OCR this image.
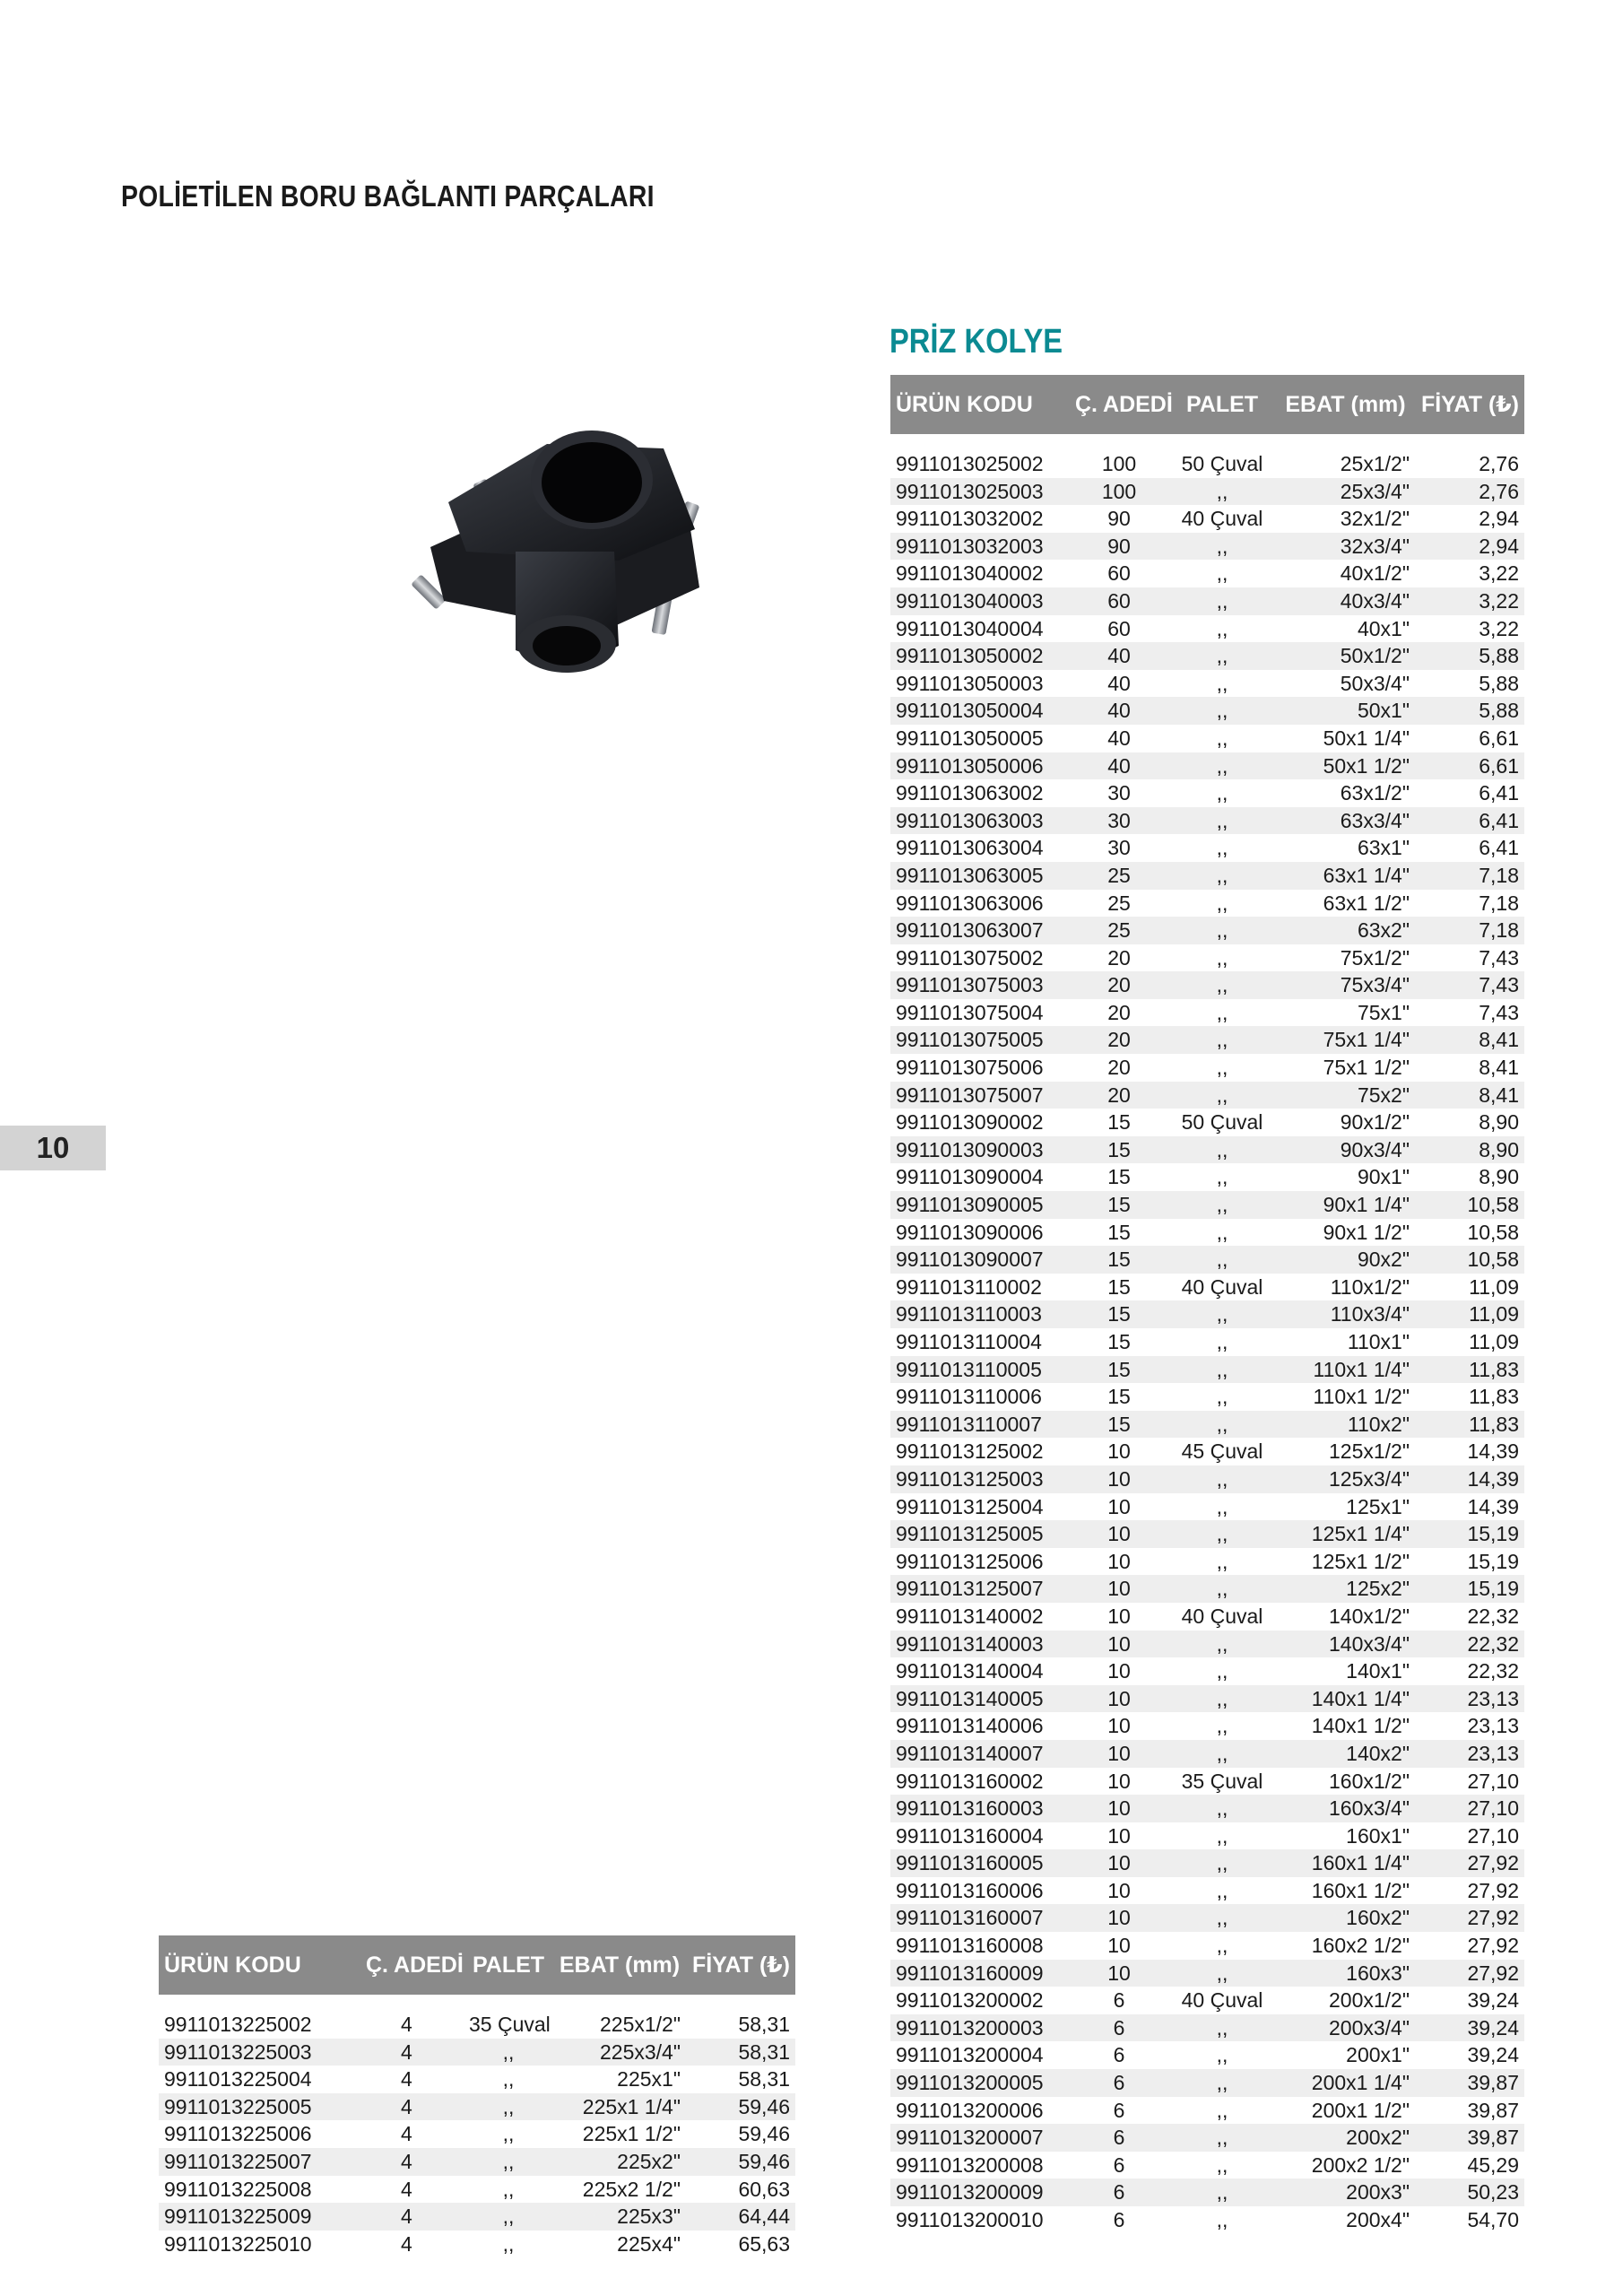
POLİETİLEN BORU BAĞLANTI PARÇALARI
PRİZ KOLYE
10
ÜRÜN KODU	Ç. ADEDİ	PALET	EBAT (mm)	FİYAT (₺)

9911013025002	100	50 Çuval	25x1/2"	2,76
9911013025003	100	,,	25x3/4"	2,76
9911013032002	90	40 Çuval	32x1/2"	2,94
9911013032003	90	,,	32x3/4"	2,94
9911013040002	60	,,	40x1/2"	3,22
9911013040003	60	,,	40x3/4"	3,22
9911013040004	60	,,	40x1"	3,22
9911013050002	40	,,	50x1/2"	5,88
9911013050003	40	,,	50x3/4"	5,88
9911013050004	40	,,	50x1"	5,88
9911013050005	40	,,	50x1 1/4"	6,61
9911013050006	40	,,	50x1 1/2"	6,61
9911013063002	30	,,	63x1/2"	6,41
9911013063003	30	,,	63x3/4"	6,41
9911013063004	30	,,	63x1"	6,41
9911013063005	25	,,	63x1 1/4"	7,18
9911013063006	25	,,	63x1 1/2"	7,18
9911013063007	25	,,	63x2"	7,18
9911013075002	20	,,	75x1/2"	7,43
9911013075003	20	,,	75x3/4"	7,43
9911013075004	20	,,	75x1"	7,43
9911013075005	20	,,	75x1 1/4"	8,41
9911013075006	20	,,	75x1 1/2"	8,41
9911013075007	20	,,	75x2"	8,41
9911013090002	15	50 Çuval	90x1/2"	8,90
9911013090003	15	,,	90x3/4"	8,90
9911013090004	15	,,	90x1"	8,90
9911013090005	15	,,	90x1 1/4"	10,58
9911013090006	15	,,	90x1 1/2"	10,58
9911013090007	15	,,	90x2"	10,58
9911013110002	15	40 Çuval	110x1/2"	11,09
9911013110003	15	,,	110x3/4"	11,09
9911013110004	15	,,	110x1"	11,09
9911013110005	15	,,	110x1 1/4"	11,83
9911013110006	15	,,	110x1 1/2"	11,83
9911013110007	15	,,	110x2"	11,83
9911013125002	10	45 Çuval	125x1/2"	14,39
9911013125003	10	,,	125x3/4"	14,39
9911013125004	10	,,	125x1"	14,39
9911013125005	10	,,	125x1 1/4"	15,19
9911013125006	10	,,	125x1 1/2"	15,19
9911013125007	10	,,	125x2"	15,19
9911013140002	10	40 Çuval	140x1/2"	22,32
9911013140003	10	,,	140x3/4"	22,32
9911013140004	10	,,	140x1"	22,32
9911013140005	10	,,	140x1 1/4"	23,13
9911013140006	10	,,	140x1 1/2"	23,13
9911013140007	10	,,	140x2"	23,13
9911013160002	10	35 Çuval	160x1/2"	27,10
9911013160003	10	,,	160x3/4"	27,10
9911013160004	10	,,	160x1"	27,10
9911013160005	10	,,	160x1 1/4"	27,92
9911013160006	10	,,	160x1 1/2"	27,92
9911013160007	10	,,	160x2"	27,92
9911013160008	10	,,	160x2 1/2"	27,92
9911013160009	10	,,	160x3"	27,92
9911013200002	6	40 Çuval	200x1/2"	39,24
9911013200003	6	,,	200x3/4"	39,24
9911013200004	6	,,	200x1"	39,24
9911013200005	6	,,	200x1 1/4"	39,87
9911013200006	6	,,	200x1 1/2"	39,87
9911013200007	6	,,	200x2"	39,87
9911013200008	6	,,	200x2 1/2"	45,29
9911013200009	6	,,	200x3"	50,23
9911013200010	6	,,	200x4"	54,70
ÜRÜN KODU	Ç. ADEDİ	PALET	EBAT (mm)	FİYAT (₺)

9911013225002	4	35 Çuval	225x1/2"	58,31
9911013225003	4	,,	225x3/4"	58,31
9911013225004	4	,,	225x1"	58,31
9911013225005	4	,,	225x1 1/4"	59,46
9911013225006	4	,,	225x1 1/2"	59,46
9911013225007	4	,,	225x2"	59,46
9911013225008	4	,,	225x2 1/2"	60,63
9911013225009	4	,,	225x3"	64,44
9911013225010	4	,,	225x4"	65,63
